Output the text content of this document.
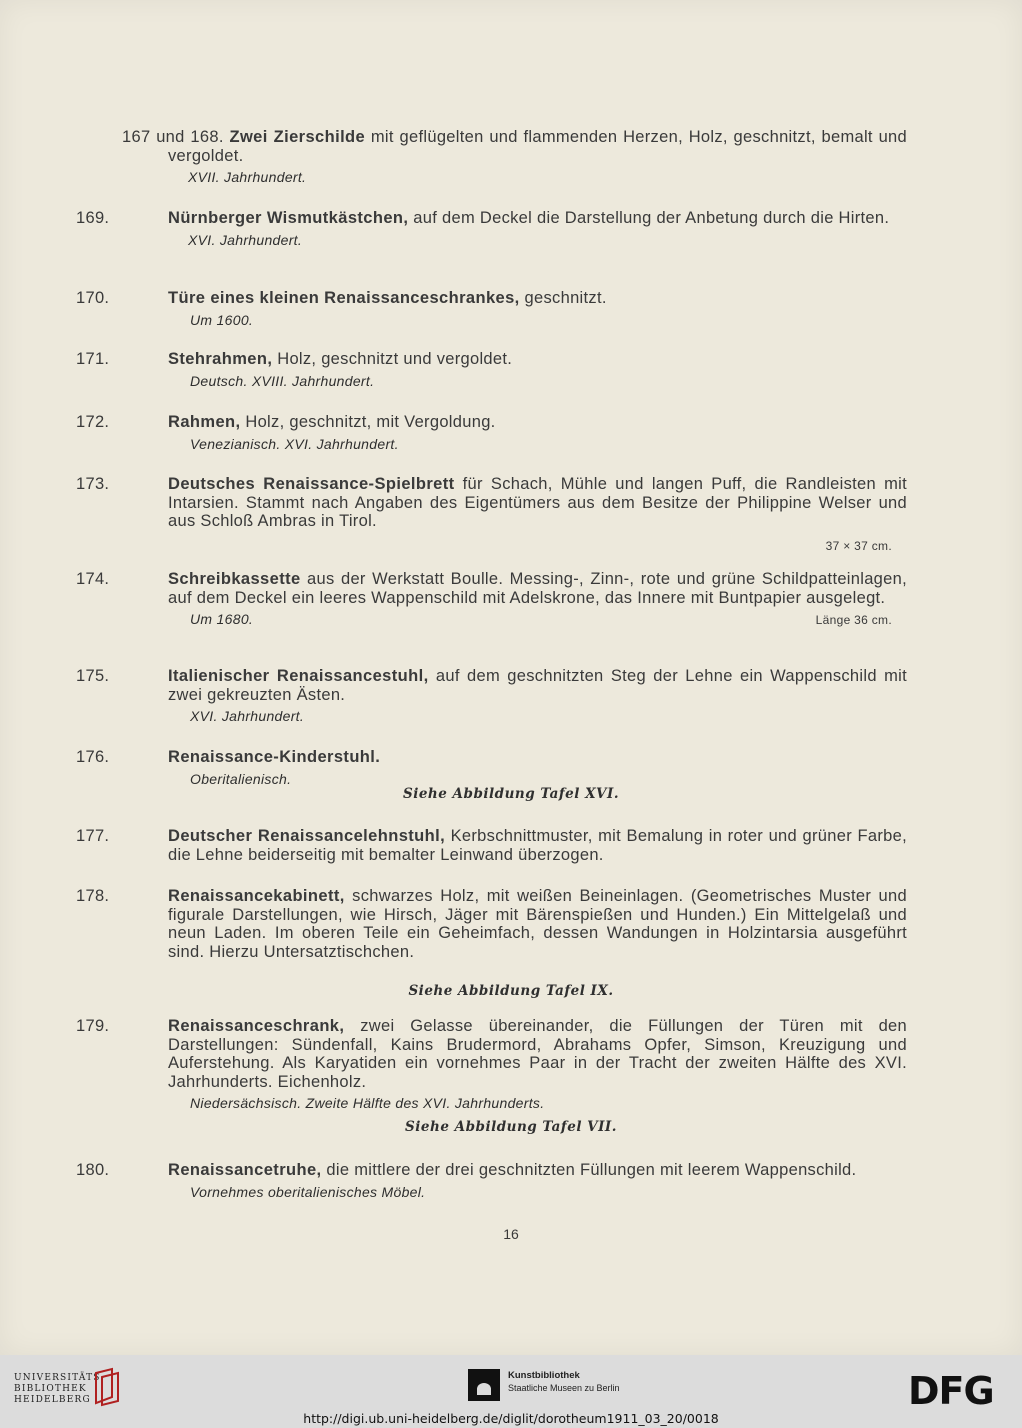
167 und 168. Zwei Zierschilde mit geflügelten und flammenden Herzen, Holz, geschnitzt, bemalt und vergoldet.
XVII. Jahrhundert.
169.	Nürnberger Wismutkästchen, auf dem Deckel die Darstellung der Anbetung durch die Hirten.
XVI. Jahrhundert.
170.	Türe eines kleinen Renaissanceschrankes, geschnitzt.
Um 1600.
171.	Stehrahmen, Holz, geschnitzt und vergoldet.
Deutsch. XVIII. Jahrhundert.
172.	Rahmen, Holz, geschnitzt, mit Vergoldung.
Venezianisch. XVI. Jahrhundert.
173.	Deutsches Renaissance-Spielbrett für Schach, Mühle und langen Puff, die Randleisten mit Intarsien. Stammt nach Angaben des Eigentümers aus dem Besitze der Philippine Welser und aus Schloß Ambras in Tirol.
37 × 37 cm.
174.	Schreibkassette aus der Werkstatt Boulle. Messing-, Zinn-, rote und grüne Schildpatteinlagen, auf dem Deckel ein leeres Wappenschild mit Adelskrone, das Innere mit Buntpapier ausgelegt.
Um 1680.	Länge 36 cm.
175.	Italienischer Renaissancestuhl, auf dem geschnitzten Steg der Lehne ein Wappenschild mit zwei gekreuzten Ästen.
XVI. Jahrhundert.
176.	Renaissance-Kinderstuhl.
Oberitalienisch.
Siehe Abbildung Tafel XVI.
177.	Deutscher Renaissancelehnstuhl, Kerbschnittmuster, mit Bemalung in roter und grüner Farbe, die Lehne beiderseitig mit bemalter Leinwand überzogen.
178.	Renaissancekabinett, schwarzes Holz, mit weißen Beineinlagen. (Geometrisches Muster und figurale Darstellungen, wie Hirsch, Jäger mit Bärenspießen und Hunden.) Ein Mittelgelaß und neun Laden. Im oberen Teile ein Geheimfach, dessen Wandungen in Holzintarsia ausgeführt sind. Hierzu Untersatztischchen.
Siehe Abbildung Tafel IX.
179.	Renaissanceschrank, zwei Gelasse übereinander, die Füllungen der Türen mit den Darstellungen: Sündenfall, Kains Brudermord, Abrahams Opfer, Simson, Kreuzigung und Auferstehung. Als Karyatiden ein vornehmes Paar in der Tracht der zweiten Hälfte des XVI. Jahrhunderts. Eichenholz.
Niedersächsisch. Zweite Hälfte des XVI. Jahrhunderts.
Siehe Abbildung Tafel VII.
180.	Renaissancetruhe, die mittlere der drei geschnitzten Füllungen mit leerem Wappenschild.
Vornehmes oberitalienisches Möbel.
16
UNIVERSITÄTS-
BIBLIOTHEK
HEIDELBERG
Kunstbibliothek
Staatliche Museen zu Berlin	DFG
http://digi.ub.uni-heidelberg.de/diglit/dorotheum1911_03_20/0018
